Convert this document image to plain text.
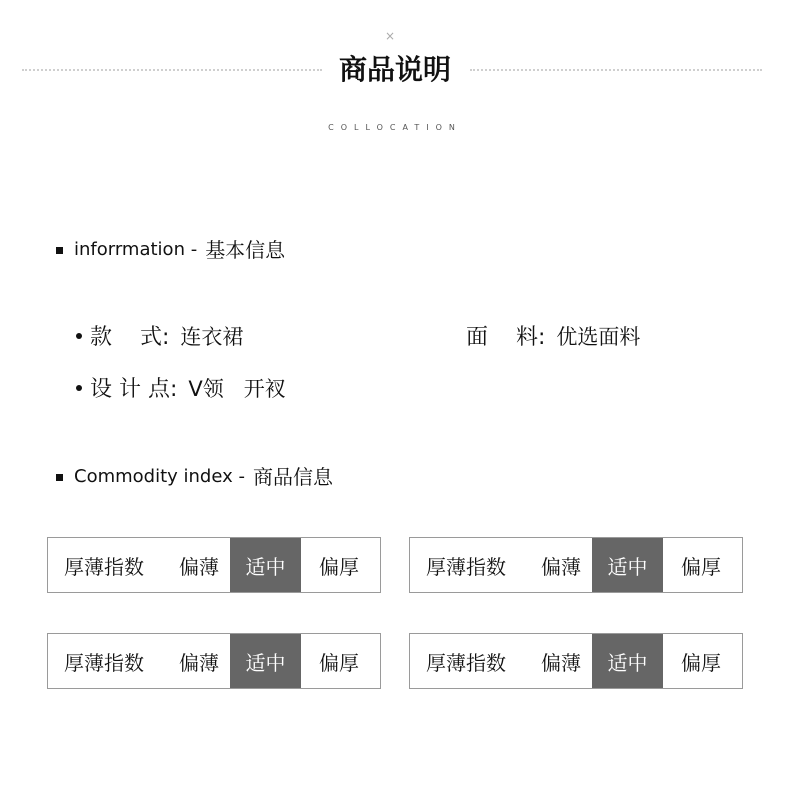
×
商品说明
COLLOCATION
inforrmation - 基本信息
款    式: 连衣裙	面    料: 优选面料
设 计 点: V领   开衩
Commodity index - 商品信息
厚薄指数	偏薄	适中	偏厚	厚薄指数	偏薄	适中	偏厚
厚薄指数	偏薄	适中	偏厚	厚薄指数	偏薄	适中	偏厚
